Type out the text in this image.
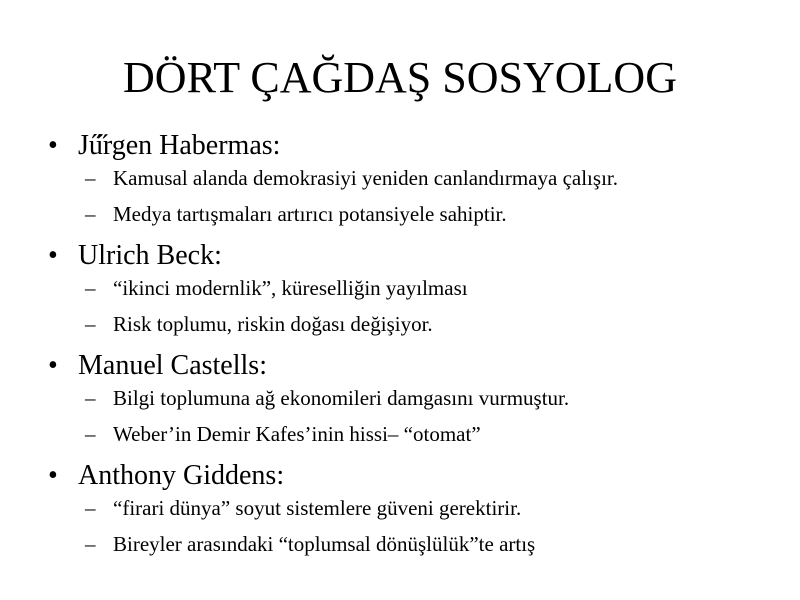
DÖRT ÇAĞDAŞ SOSYOLOG
• Jű̋rgen Habermas:
– Kamusal alanda demokrasiyi yeniden canlandırmaya çalışır.
– Medya tartışmaları artırıcı potansiyele sahiptir.
• Ulrich Beck:
– “ikinci modernlik”, küreselliğin yayılması
– Risk toplumu, riskin doğası değişiyor.
• Manuel Castells:
– Bilgi toplumuna ağ ekonomileri damgasını vurmuştur.
– Weber’in Demir Kafes’inin hissi– “otomat”
• Anthony Giddens:
– “firari dünya” soyut sistemlere güveni gerektirir.
– Bireyler arasındaki “toplumsal dönüşlülük”te artış
